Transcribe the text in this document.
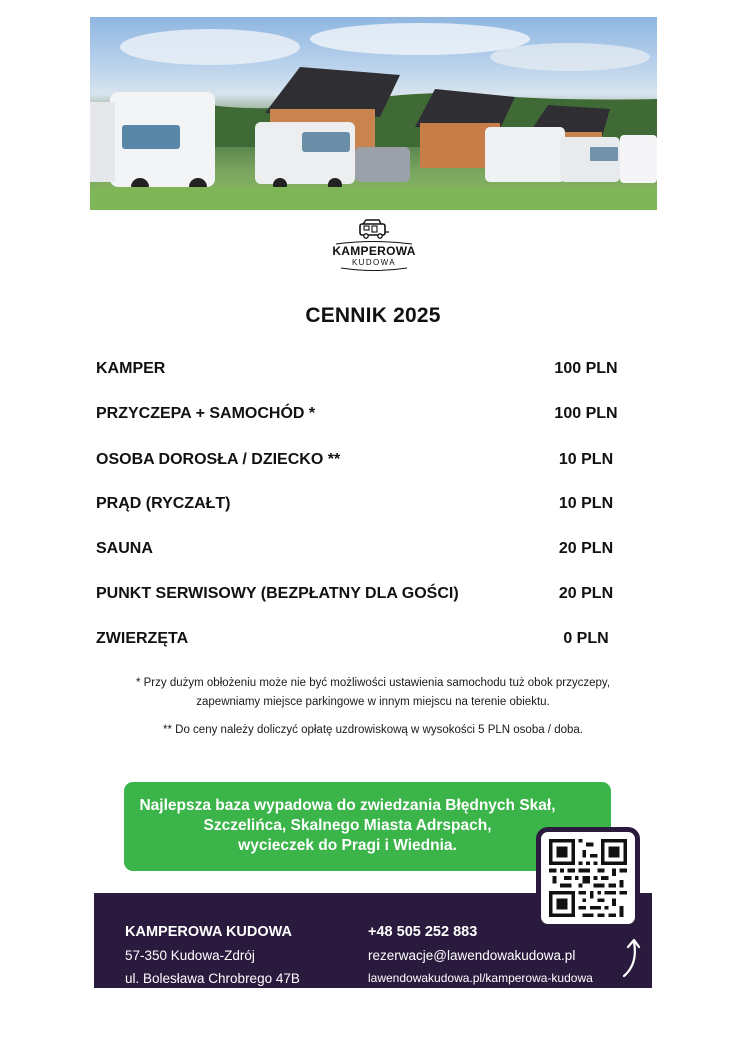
KAMPEROWA
KUDOWA
CENNIK 2025
KAMPER	100 PLN
PRZYCZEPA + SAMOCHÓD *	100 PLN
OSOBA DOROSŁA / DZIECKO **	10 PLN
PRĄD (RYCZAŁT)	10 PLN
SAUNA	20 PLN
PUNKT SERWISOWY (BEZPŁATNY DLA GOŚCI)	20 PLN
ZWIERZĘTA	0 PLN
* Przy dużym obłożeniu może nie być możliwości ustawienia samochodu tuż obok przyczepy,
zapewniamy miejsce parkingowe w innym miejscu na terenie obiektu.
** Do ceny należy doliczyć opłatę uzdrowiskową w wysokości 5 PLN osoba / doba.
Najlepsza baza wypadowa do zwiedzania Błędnych Skał,
Szczelińca, Skalnego Miasta Adrspach,
wycieczek do Pragi i Wiednia.
KAMPEROWA KUDOWA
57-350 Kudowa-Zdrój
ul. Bolesława Chrobrego 47B
+48 505 252 883
rezerwacje@lawendowakudowa.pl
lawendowakudowa.pl/kamperowa-kudowa
